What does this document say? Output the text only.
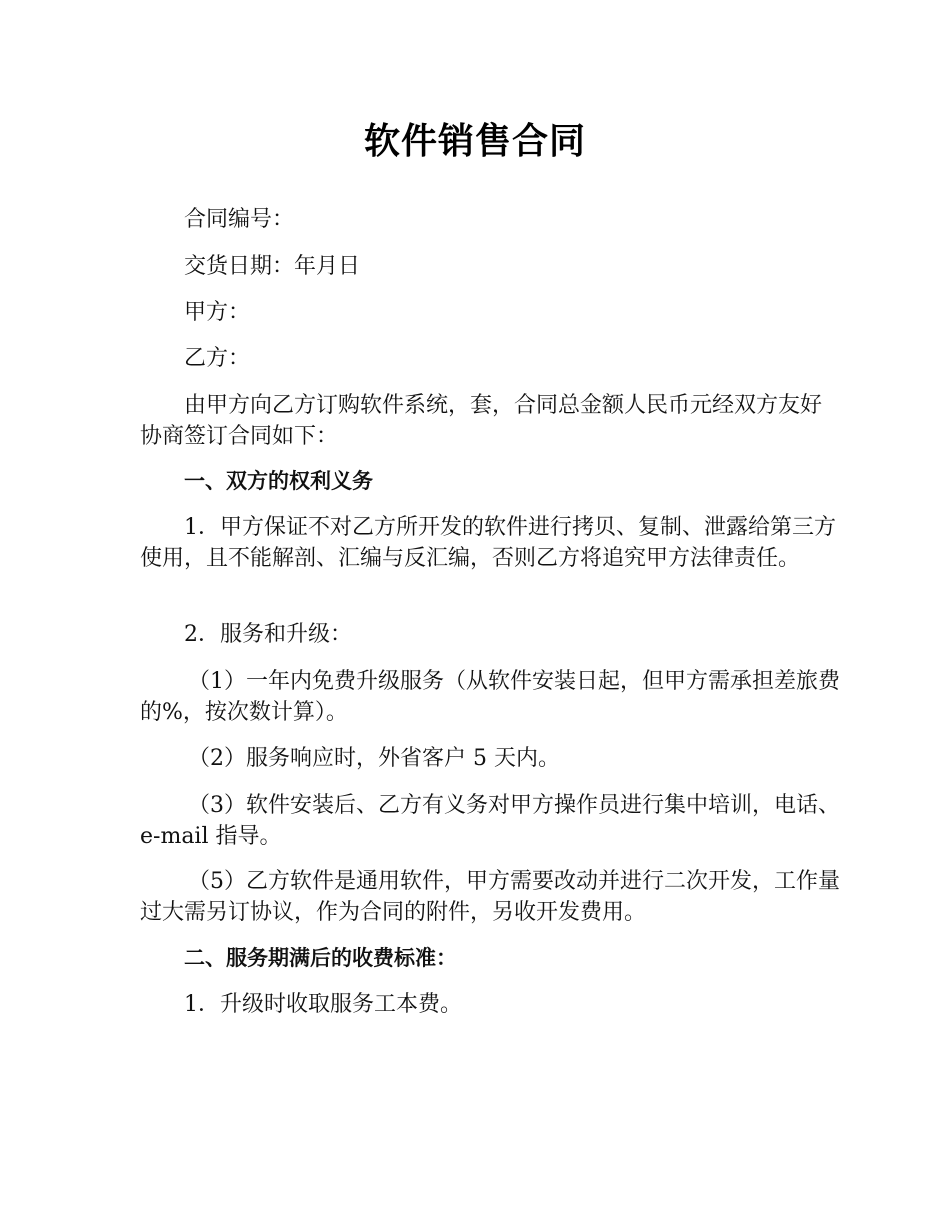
软件销售合同

合同编号：

交货日期：年月日

甲方：

乙方：

由甲方向乙方订购软件系统，套，合同总金额人民币元经双方友好协商签订合同如下：

一、双方的权利义务

1．甲方保证不对乙方所开发的软件进行拷贝、复制、泄露给第三方使用，且不能解剖、汇编与反汇编，否则乙方将追究甲方法律责任。

2．服务和升级：

（1）一年内免费升级服务（从软件安装日起，但甲方需承担差旅费的%，按次数计算）。

（2）服务响应时，外省客户 5 天内。

（3）软件安装后、乙方有义务对甲方操作员进行集中培训，电话、e-mail 指导。

（5）乙方软件是通用软件，甲方需要改动并进行二次开发，工作量过大需另订协议，作为合同的附件，另收开发费用。

二、服务期满后的收费标准：

1．升级时收取服务工本费。
